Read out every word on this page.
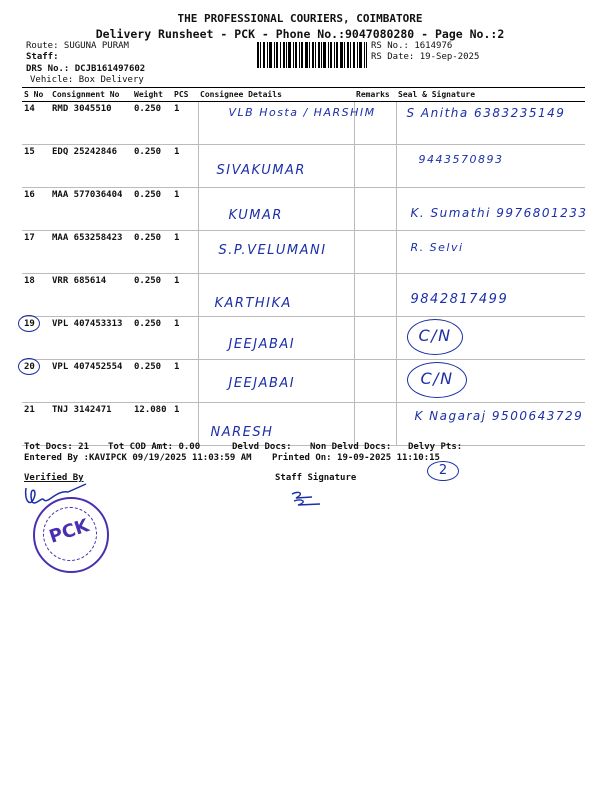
THE PROFESSIONAL COURIERS, COIMBATORE
Delivery Runsheet - PCK - Phone No.:9047080280 - Page No.:2
Route: SUGUNA PURAM
Staff:
DRS No.: DCJB161497602
Vehicle: Box Delivery
RS No.: 1614976
RS Date: 19-Sep-2025
S No	Consignment No	Weight	PCS	Consignee Details	Remarks	Seal & Signature
14	RMD 3045510	0.250	1	VLB Hosta / HARSHIM		S Anitha 6383235149

15	EDQ 25242846	0.250	1	SIVAKUMAR		9443570893

16	MAA 577036404	0.250	1	KUMAR		K. Sumathi 9976801233

17	MAA 653258423	0.250	1	S.P.VELUMANI		R. Selvi

18	VRR 685614	0.250	1	KARTHIKA		9842817499

19	VPL 407453313	0.250	1	JEEJABAI		C/N

20	VPL 407452554	0.250	1	JEEJABAI		C/N

21	TNJ 3142471	12.080	1	NARESH		K Nagaraj 9500643729
Tot Docs: 21 Tot COD Amt: 0.00	Delvd Docs: Non Delvd Docs: Delvy Pts:
Entered By :KAVIPCK 09/19/2025 11:03:59 AM Printed On: 19-09-2025 11:10:15
Verified By	Staff Signature	2
PCK
